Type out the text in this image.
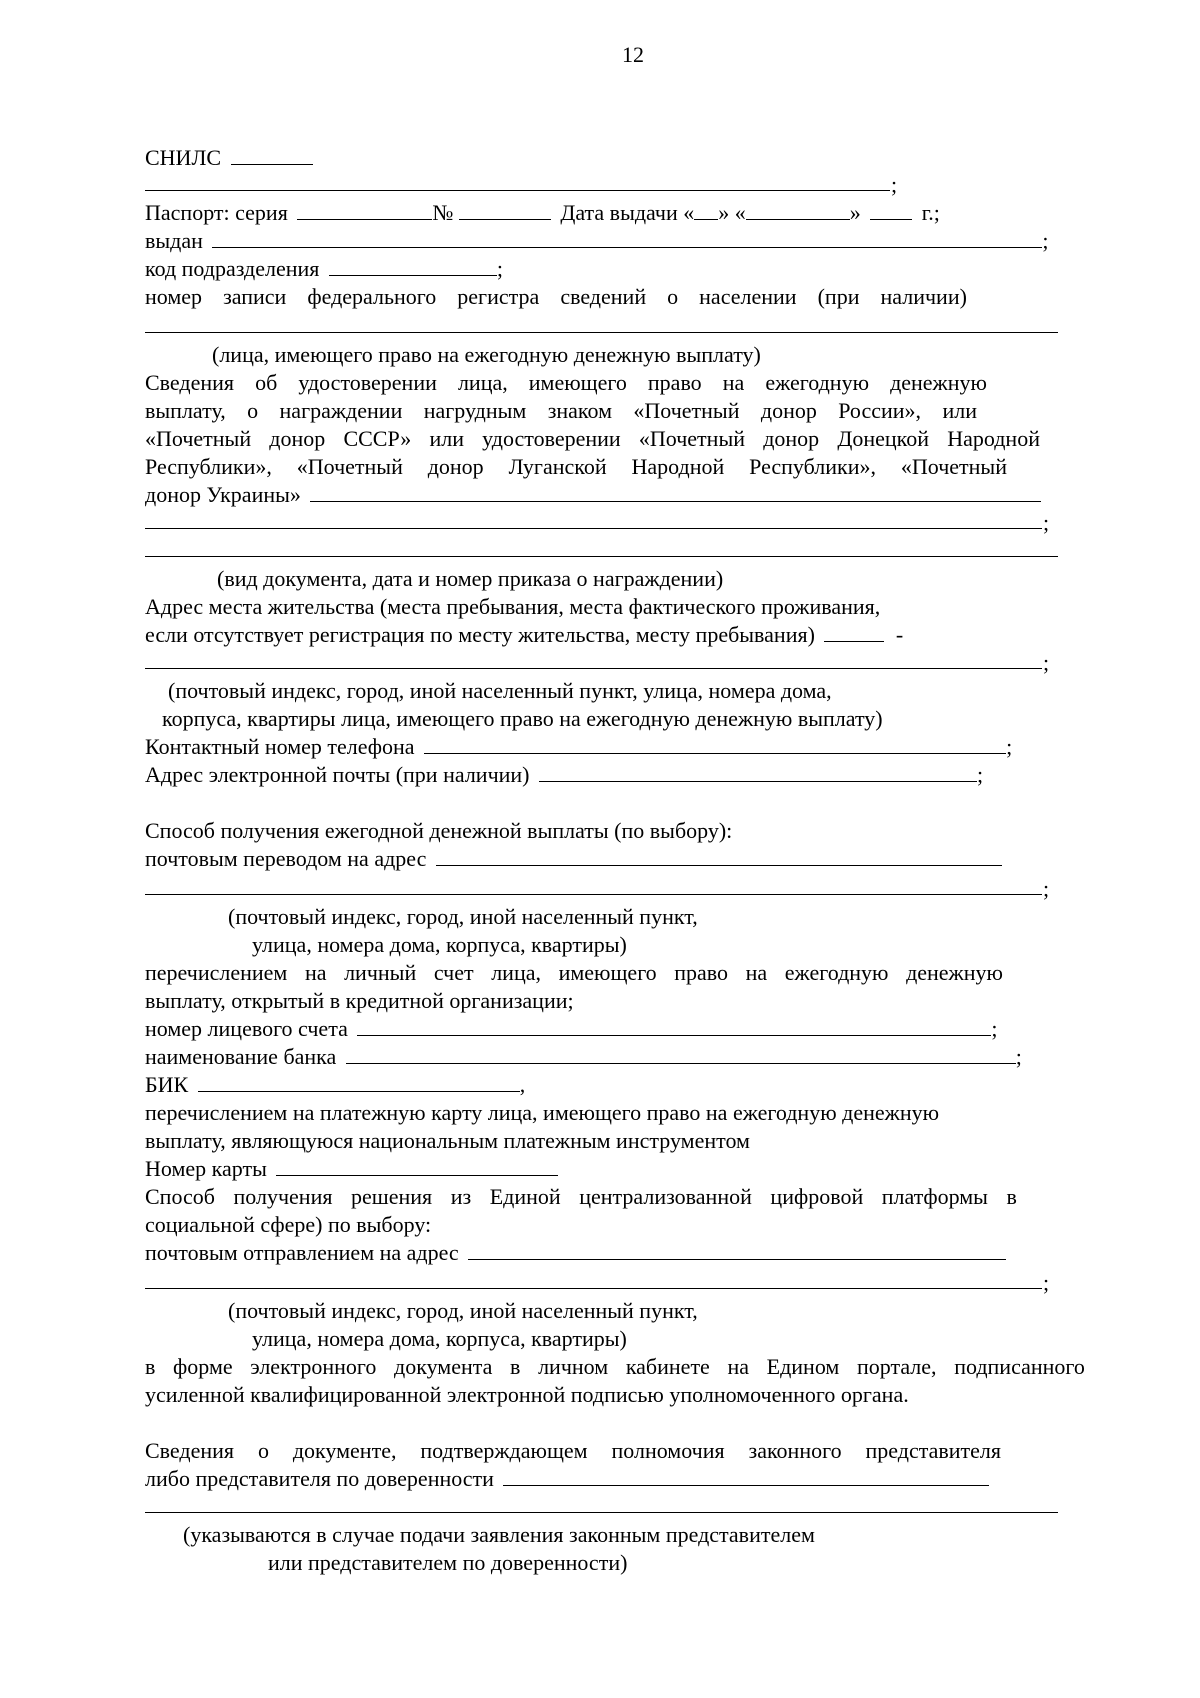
12
СНИЛС
;
Паспорт: серия	№	Дата выдачи « » «	»	г.;
выдан	;
код подразделения	;
номер записи федерального регистра сведений о населении (при наличии)
(лица, имеющего право на ежегодную денежную выплату)
Сведения об удостоверении лица, имеющего право на ежегодную денежную
выплату, о награждении нагрудным знаком «Почетный донор России», или
«Почетный донор СССР» или удостоверении «Почетный донор Донецкой Народной
Республики», «Почетный донор Луганской Народной Республики», «Почетный
донор Украины»
;
(вид документа, дата и номер приказа о награждении)
Адрес места жительства (места пребывания, места фактического проживания,
если отсутствует регистрация по месту жительства, месту пребывания)	-
;
(почтовый индекс, город, иной населенный пункт, улица, номера дома,
корпуса, квартиры лица, имеющего право на ежегодную денежную выплату)
Контактный номер телефона	;
Адрес электронной почты (при наличии)	;
Способ получения ежегодной денежной выплаты (по выбору):
почтовым переводом на адрес
;
(почтовый индекс, город, иной населенный пункт,
улица, номера дома, корпуса, квартиры)
перечислением на личный счет лица, имеющего право на ежегодную денежную
выплату, открытый в кредитной организации;
номер лицевого счета	;
наименование банка	;
БИК	,
перечислением на платежную карту лица, имеющего право на ежегодную денежную
выплату, являющуюся национальным платежным инструментом
Номер карты
Способ получения решения из Единой централизованной цифровой платформы в
социальной сфере) по выбору:
почтовым отправлением на адрес
;
(почтовый индекс, город, иной населенный пункт,
улица, номера дома, корпуса, квартиры)
в форме электронного документа в личном кабинете на Едином портале, подписанного
усиленной квалифицированной электронной подписью уполномоченного органа.
Сведения о документе, подтверждающем полномочия законного представителя
либо представителя по доверенности
(указываются в случае подачи заявления законным представителем
или представителем по доверенности)
